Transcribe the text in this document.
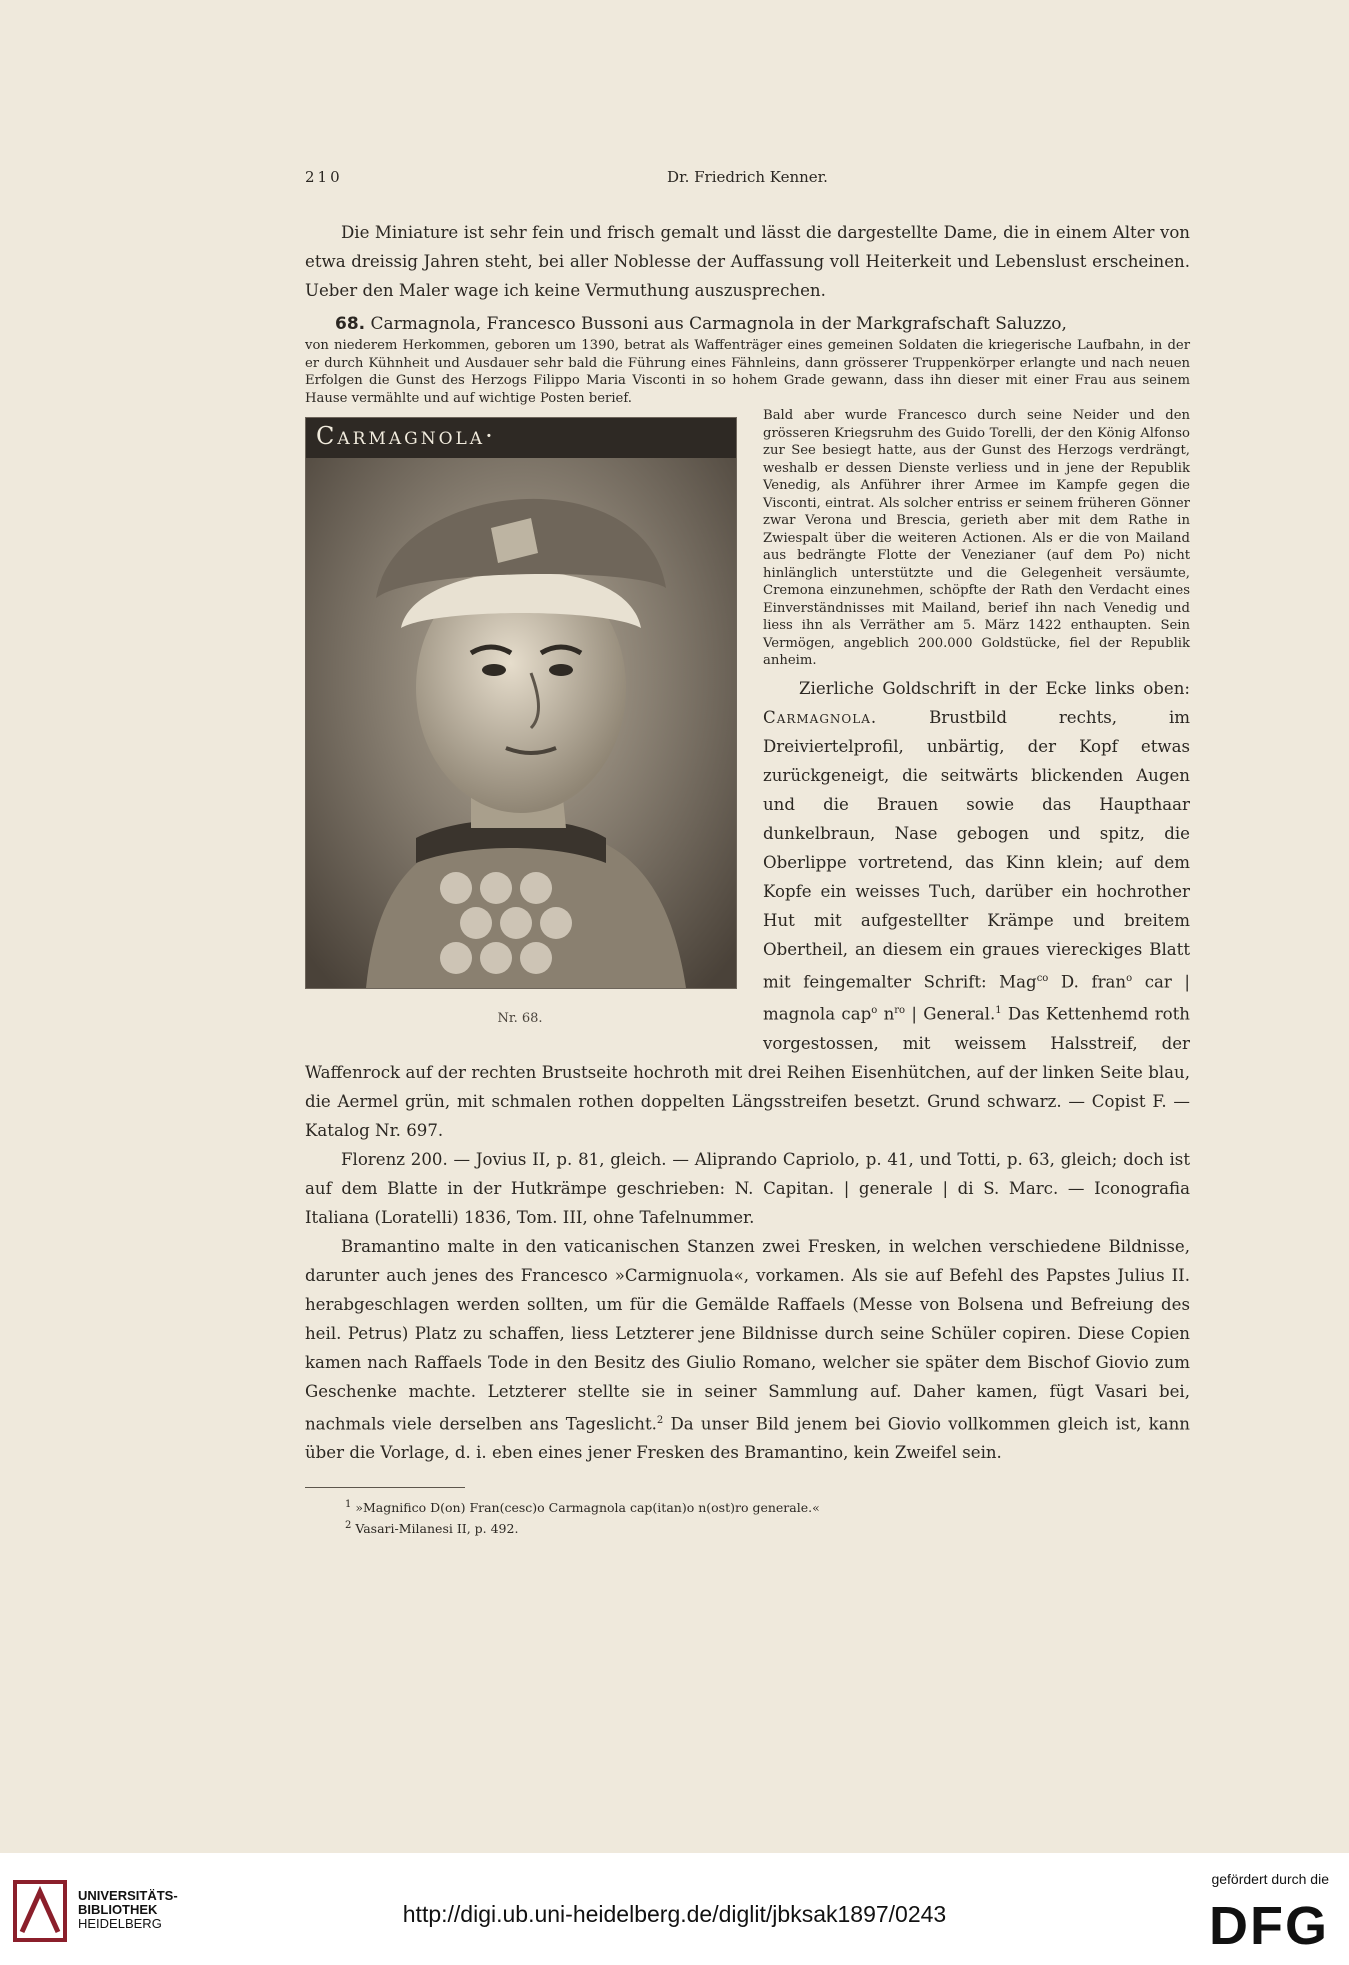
210	Dr. Friedrich Kenner.

Die Miniature ist sehr fein und frisch gemalt und lässt die dargestellte Dame, die in einem Alter von etwa dreissig Jahren steht, bei aller Noblesse der Auffassung voll Heiterkeit und Lebenslust erscheinen. Ueber den Maler wage ich keine Vermuthung auszusprechen.

68. Carmagnola, Francesco Bussoni aus Carmagnola in der Markgrafschaft Saluzzo,

von niederem Herkommen, geboren um 1390, betrat als Waffenträger eines gemeinen Soldaten die kriegerische Laufbahn, in der er durch Kühnheit und Ausdauer sehr bald die Führung eines Fähnleins, dann grösserer Truppenkörper erlangte und nach neuen Erfolgen die Gunst des Herzogs Filippo Maria Visconti in so hohem Grade gewann, dass ihn dieser mit einer Frau aus seinem Hause vermählte und auf wichtige Posten berief.

Carmagnola·
Nr. 68.

Bald aber wurde Francesco durch seine Neider und den grösseren Kriegsruhm des Guido Torelli, der den König Alfonso zur See besiegt hatte, aus der Gunst des Herzogs verdrängt, weshalb er dessen Dienste verliess und in jene der Republik Venedig, als Anführer ihrer Armee im Kampfe gegen die Visconti, eintrat. Als solcher entriss er seinem früheren Gönner zwar Verona und Brescia, gerieth aber mit dem Rathe in Zwiespalt über die weiteren Actionen. Als er die von Mailand aus bedrängte Flotte der Venezianer (auf dem Po) nicht hinlänglich unterstützte und die Gelegenheit versäumte, Cremona einzunehmen, schöpfte der Rath den Verdacht eines Einverständnisses mit Mailand, berief ihn nach Venedig und liess ihn als Verräther am 5. März 1422 enthaupten. Sein Vermögen, angeblich 200.000 Goldstücke, fiel der Republik anheim.

Zierliche Goldschrift in der Ecke links oben: Carmagnola.	Brustbild rechts, im Dreiviertelprofil, unbärtig, der Kopf etwas zurückgeneigt, die seitwärts blickenden Augen und die Brauen sowie das Haupthaar dunkelbraun, Nase gebogen und spitz, die Oberlippe vortretend, das Kinn klein; auf dem Kopfe ein weisses Tuch, darüber ein hochrother Hut mit aufgestellter Krämpe und breitem Obertheil, an diesem ein graues viereckiges Blatt mit feingemalter Schrift: Mag$^{co}$ D. fran$^o$ car | magnola cap$^o$ $n^{ro}$ | General.$^1$ Das Kettenhemd roth vorgestossen, mit weissem Halsstreif, der Waffenrock auf der rechten Brustseite hochroth mit drei Reihen Eisenhütchen, auf der linken Seite blau, die Aermel grün, mit schmalen rothen doppelten Längsstreifen besetzt. Grund schwarz. — Copist F. — Katalog Nr. 697.

Florenz 200. — Jovius II, p. 81, gleich. — Aliprando Capriolo, p. 41, und Totti, p. 63, gleich; doch ist auf dem Blatte in der Hutkrämpe geschrieben: N. Capitan. | generale | di S. Marc. — Iconografia Italiana (Loratelli) 1836, Tom. III, ohne Tafelnummer.

Bramantino malte in den vaticanischen Stanzen zwei Fresken, in welchen verschiedene Bildnisse, darunter auch jenes des Francesco »Carmignuola«, vorkamen. Als sie auf Befehl des Papstes Julius II. herabgeschlagen werden sollten, um für die Gemälde Raffaels (Messe von Bolsena und Befreiung des heil. Petrus) Platz zu schaffen, liess Letzterer jene Bildnisse durch seine Schüler copiren. Diese Copien kamen nach Raffaels Tode in den Besitz des Giulio Romano, welcher sie später dem Bischof Giovio zum Geschenke machte. Letzterer stellte sie in seiner Sammlung auf. Daher kamen, fügt Vasari bei, nachmals viele derselben ans Tageslicht.$^2$ Da unser Bild jenem bei Giovio vollkommen gleich ist, kann über die Vorlage, d. i. eben eines jener Fresken des Bramantino, kein Zweifel sein.

$^1$ »Magnifico D(on) Fran(cesc)o Carmagnola cap(itan)o n(ost)ro generale.«
$^2$ Vasari-Milanesi II, p. 492.
UNIVERSITÄTS-
BIBLIOTHEK
HEIDELBERG	http://digi.ub.uni-heidelberg.de/diglit/jbksak1897/0243
gefördert durch die
DFG
